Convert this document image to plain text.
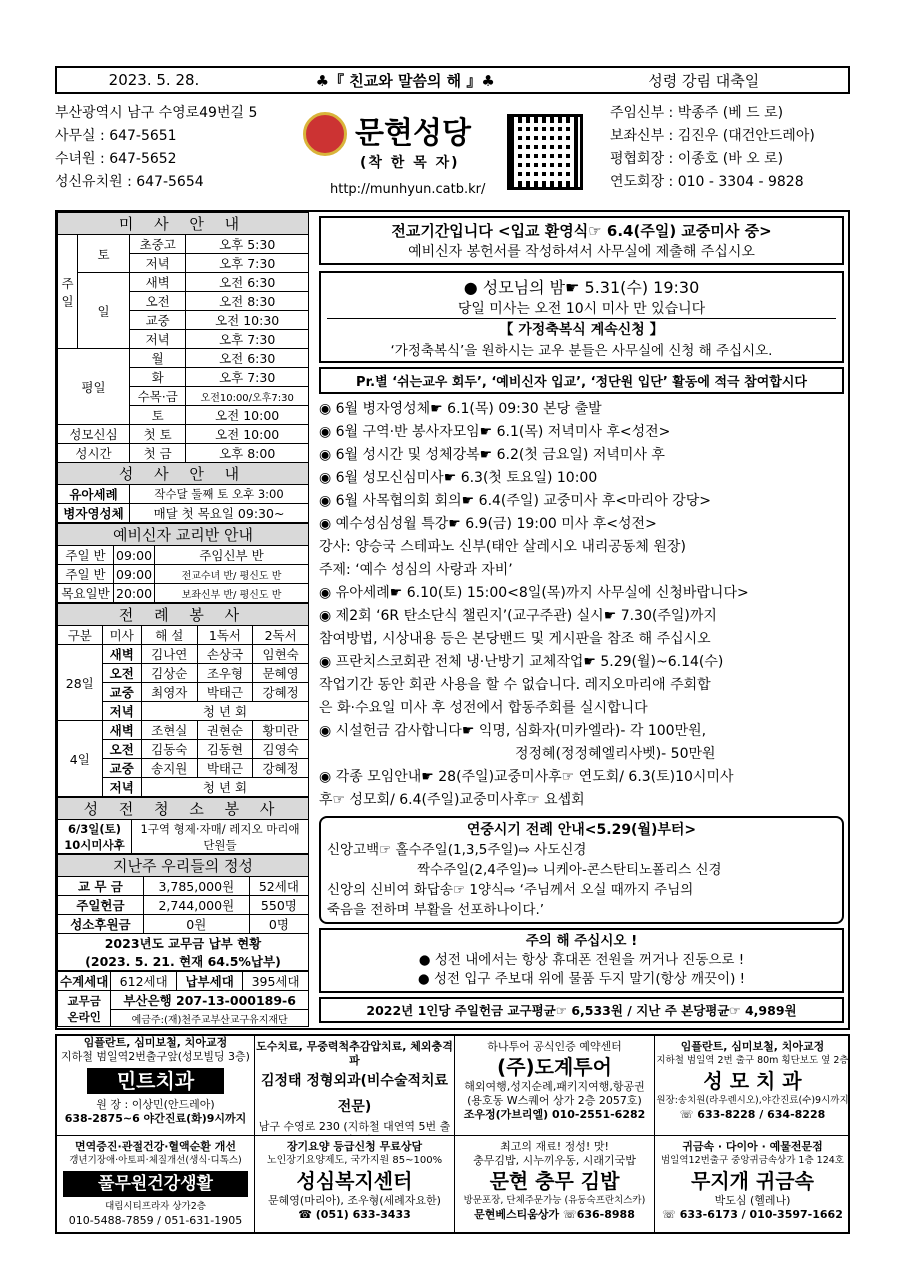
2023. 5. 28.	♣『 친교와 말씀의 해 』♣	성령 강림 대축일
부산광역시 남구 수영로49번길 5
사무실 : 647-5651
수녀원 : 647-5652
성신유치원 : 647-5654
문현성당
(착 한 목 자)
http://munhyun.catb.kr/
주임신부 : 박종주 (베 드 로)
보좌신부 : 김진우 (대건안드레아)
평협회장 : 이종호 (바 오 로)
연도회장 : 010 - 3304 - 9828
미 사 안 내			
주일	토	초중고	오후 5:30
		저녁	오후 7:30
	일	새벽	오전 6:30
		오전	오전 8:30
		교중	오전 10:30
		저녁	오후 7:30
평일		월	오전 6:30
		화	오후 7:30
		수목·금	오전10:00/오후7:30
		토	오전 10:00
성모신심		첫 토	오전 10:00
성시간		첫 금	오후 8:00
성 사 안 내			
유아세례		작수달 둘째 토 오후 3:00	
병자영성체		매달 첫 목요일 09:30~	
예비신자 교리반 안내		
주일 반	09:00	주임신부 반
주일 반	09:00	전교수녀 반/ 평신도 반
목요일반	20:00	보좌신부 반/ 평신도 반
전 례 봉 사				
구분	미사	해 설	1독서	2독서
28일	새벽	김나연	손상국	임현숙
	오전	김상순	조우형	문혜영
	교중	최영자	박태근	강혜정
	저녁	청 년 회		
4일	새벽	조현실	권현순	황미란
	오전	김동숙	김동현	김영숙
	교중	송지원	박태근	강혜정
	저녁	청 년 회		
성 전 청 소 봉 사
6/3일(토) 10시미사후	1구역 형제·자매/ 레지오 마리애 단원들
지난주 우리들의 정성		
교 무 금	3,785,000원	52세대
주일헌금	2,744,000원	550명
성소후원금	0원	0명
2023년도 교무금 납부 현황		
(2023. 5. 21. 현재 64.5%납부)		
수계세대	612세대	납부세대	395세대
교무금 온라인	부산은행 207-13-000189-6		
	예금주:(재)천주교부산교구유지재단		
전교기간입니다 <입교 환영식☞ 6.4(주일) 교중미사 중>
예비신자 봉헌서를 작성하셔서 사무실에 제출해 주십시오
● 성모님의 밤☛ 5.31(수) 19:30
당일 미사는 오전 10시 미사 만 있습니다
【 가정축복식 계속신청 】
‘가정축복식’을 원하시는 교우 분들은 사무실에 신청 해 주십시오.
Pr.별 ‘쉬는교우 회두’, ‘예비신자 입교’, ‘정단원 입단’ 활동에 적극 참여합시다
◉ 6월 병자영성체☛ 6.1(목) 09:30 본당 출발
◉ 6월 구역·반 봉사자모임☛ 6.1(목) 저녁미사 후<성전>
◉ 6월 성시간 및 성체강복☛ 6.2(첫 금요일) 저녁미사 후
◉ 6월 성모신심미사☛ 6.3(첫 토요일) 10:00
◉ 6월 사목협의회 회의☛ 6.4(주일) 교중미사 후<마리아 강당>
◉ 예수성심성월 특강☛ 6.9(금) 19:00 미사 후<성전>
강사: 양승국 스테파노 신부(태안 살레시오 내리공동체 원장)
주제: ‘예수 성심의 사랑과 자비’
◉ 유아세례☛ 6.10(토) 15:00<8일(목)까지 사무실에 신청바랍니다>
◉ 제2회 ‘6R 탄소단식 챌린지’(교구주관) 실시☛ 7.30(주일)까지
참여방법, 시상내용 등은 본당밴드 및 게시판을 참조 해 주십시오
◉ 프란치스코회관 전체 냉·난방기 교체작업☛ 5.29(월)~6.14(수)
작업기간 동안 회관 사용을 할 수 없습니다. 레지오마리애 주회합
은 화·수요일 미사 후 성전에서 합동주회를 실시합니다
◉ 시설헌금 감사합니다☛ 익명, 심화자(미카엘라)- 각 100만원,
정정혜(정정혜엘리사벳)- 50만원
◉ 각종 모임안내☛ 28(주일)교중미사후☞ 연도회/ 6.3(토)10시미사
후☞ 성모회/ 6.4(주일)교중미사후☞ 요셉회
연중시기 전례 안내<5.29(월)부터>
신앙고백☞ 홀수주일(1,3,5주일)⇨ 사도신경
짝수주일(2,4주일)⇨ 니케아-콘스탄티노폴리스 신경
신앙의 신비여 화답송☞ 1양식⇨ ‘주님께서 오실 때까지 주님의
죽음을 전하며 부활을 선포하나이다.’
주의 해 주십시오 !
● 성전 내에서는 항상 휴대폰 전원을 꺼거나 진동으로 !
● 성전 입구 주보대 위에 물품 두지 말기(항상 깨끗이) !
2022년 1인당 주일헌금 교구평균☞ 6,533원 / 지난 주 본당평균☞ 4,989원
임플란트, 심미보철, 치아교정
지하철 범일역2번출구앞(성모빌딩 3층)
민트치과
원 장 : 이상민(안드레아)
638-2875~6 야간진료(화)9시까지
도수치료, 무중력척추감압치료, 체외충격파
김정태 정형외과(비수술적치료전문)
남구 수영로 230 (지하철 대연역 5번 출
하나투어 공식인증 예약센터
(주)도계투어
해외여행,성지순례,패키지여행,항공권
(용호동 W스퀘어 상가 2층 2057호)
조우정(가브리엘) 010-2551-6282
임플란트, 심미보철, 치아교정
지하철 범일역 2번 출구 80m 횡단보도 옆 2층
성 모 치 과
원장:송치원(라우렌시오),야간진료(수)9시까지
☏ 633-8228 / 634-8228
면역증진·관절건강·혈액순환 개선
갱년기장애·아토피·체질개선(생식·디톡스)
풀무원건강생활
대림시티프라자 상가2층
010-5488-7859 / 051-631-1905
장기요양 등급신청 무료상담
노인장기요양제도, 국가지원 85~100%
성심복지센터
문혜영(마리아), 조우형(세례자요한)
☎ (051) 633-3433
최고의 재료! 정성! 맛!
충무김밥, 시누끼우동, 시래기국밥
문현 충무 김밥
방문포장, 단체주문가능 (유동숙프란치스카)
문현베스티움상가 ☏636-8988
귀금속 · 다이아 · 예물전문점
범일역12번출구 중앙귀금속상가 1층 124호
무지개 귀금속
박도심 (헬레나)
☏ 633-6173 / 010-3597-1662
